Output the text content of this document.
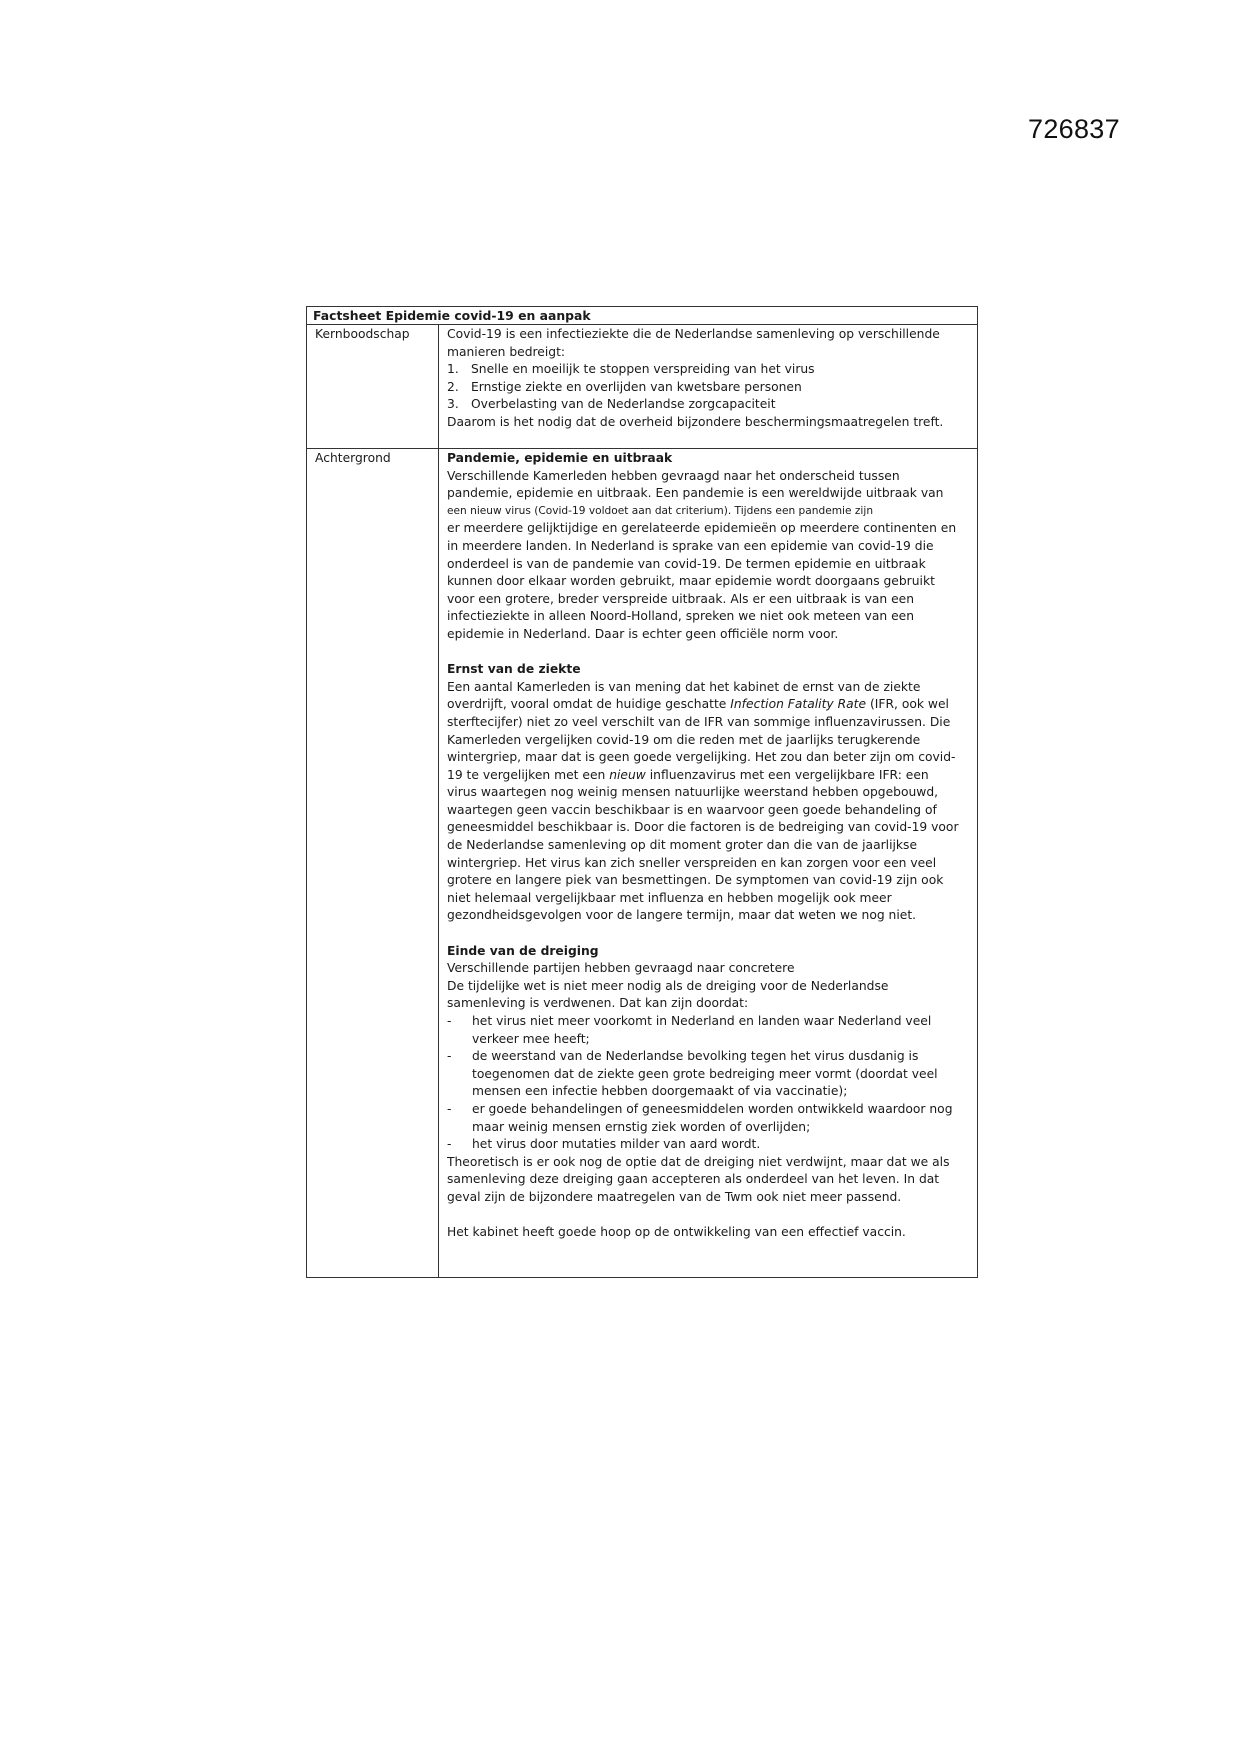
726837
Factsheet Epidemie covid-19 en aanpak
Kernboodschap	Covid-19 is een infectieziekte die de Nederlandse samenleving op verschillende
manieren bedreigt:
1. Snelle en moeilijk te stoppen verspreiding van het virus
2. Ernstige ziekte en overlijden van kwetsbare personen
3. Overbelasting van de Nederlandse zorgcapaciteit
Daarom is het nodig dat de overheid bijzondere beschermingsmaatregelen treft.
Achtergrond	Pandemie, epidemie en uitbraak
Verschillende Kamerleden hebben gevraagd naar het onderscheid tussen
pandemie, epidemie en uitbraak. Een pandemie is een wereldwijde uitbraak van
een nieuw virus (Covid-19 voldoet aan dat criterium). Tijdens een pandemie zijn
er meerdere gelijktijdige en gerelateerde epidemieën op meerdere continenten en
in meerdere landen. In Nederland is sprake van een epidemie van covid-19 die
onderdeel is van de pandemie van covid-19. De termen epidemie en uitbraak
kunnen door elkaar worden gebruikt, maar epidemie wordt doorgaans gebruikt
voor een grotere, breder verspreide uitbraak. Als er een uitbraak is van een
infectieziekte in alleen Noord-Holland, spreken we niet ook meteen van een
epidemie in Nederland. Daar is echter geen officiële norm voor.
Ernst van de ziekte
Een aantal Kamerleden is van mening dat het kabinet de ernst van de ziekte
overdrijft, vooral omdat de huidige geschatte Infection Fatality Rate (IFR, ook wel
sterftecijfer) niet zo veel verschilt van de IFR van sommige influenzavirussen. Die
Kamerleden vergelijken covid-19 om die reden met de jaarlijks terugkerende
wintergriep, maar dat is geen goede vergelijking. Het zou dan beter zijn om covid-
19 te vergelijken met een nieuw influenzavirus met een vergelijkbare IFR: een
virus waartegen nog weinig mensen natuurlijke weerstand hebben opgebouwd,
waartegen geen vaccin beschikbaar is en waarvoor geen goede behandeling of
geneesmiddel beschikbaar is. Door die factoren is de bedreiging van covid-19 voor
de Nederlandse samenleving op dit moment groter dan die van de jaarlijkse
wintergriep. Het virus kan zich sneller verspreiden en kan zorgen voor een veel
grotere en langere piek van besmettingen. De symptomen van covid-19 zijn ook
niet helemaal vergelijkbaar met influenza en hebben mogelijk ook meer
gezondheidsgevolgen voor de langere termijn, maar dat weten we nog niet.
Einde van de dreiging
Verschillende partijen hebben gevraagd naar concretere
De tijdelijke wet is niet meer nodig als de dreiging voor de Nederlandse
samenleving is verdwenen. Dat kan zijn doordat:
-	het virus niet meer voorkomt in Nederland en landen waar Nederland veel
verkeer mee heeft;
-	de weerstand van de Nederlandse bevolking tegen het virus dusdanig is
toegenomen dat de ziekte geen grote bedreiging meer vormt (doordat veel
mensen een infectie hebben doorgemaakt of via vaccinatie);
-	er goede behandelingen of geneesmiddelen worden ontwikkeld waardoor nog
maar weinig mensen ernstig ziek worden of overlijden;
-	het virus door mutaties milder van aard wordt.
Theoretisch is er ook nog de optie dat de dreiging niet verdwijnt, maar dat we als
samenleving deze dreiging gaan accepteren als onderdeel van het leven. In dat
geval zijn de bijzondere maatregelen van de Twm ook niet meer passend.
Het kabinet heeft goede hoop op de ontwikkeling van een effectief vaccin.
